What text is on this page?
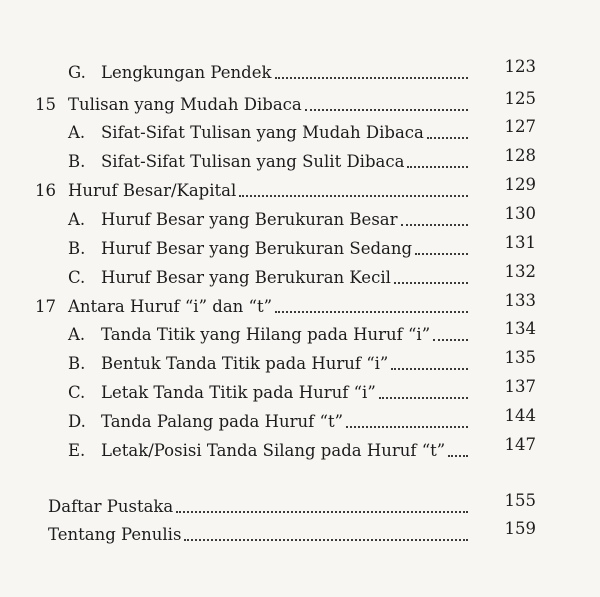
G. Lengkungan Pendek	123
15 Tulisan yang Mudah Dibaca	125
A. Sifat-Sifat Tulisan yang Mudah Dibaca	127
B. Sifat-Sifat Tulisan yang Sulit Dibaca	128
16 Huruf Besar/Kapital	129
A. Huruf Besar yang Berukuran Besar	130
B. Huruf Besar yang Berukuran Sedang	131
C. Huruf Besar yang Berukuran Kecil	132
17 Antara Huruf “i” dan “t”	133
A. Tanda Titik yang Hilang pada Huruf “i”	134
B. Bentuk Tanda Titik pada Huruf “i”	135
C. Letak Tanda Titik pada Huruf “i”	137
D. Tanda Palang pada Huruf “t”	144
E. Letak/Posisi Tanda Silang pada Huruf “t”	147
Daftar Pustaka	155
Tentang Penulis	159
